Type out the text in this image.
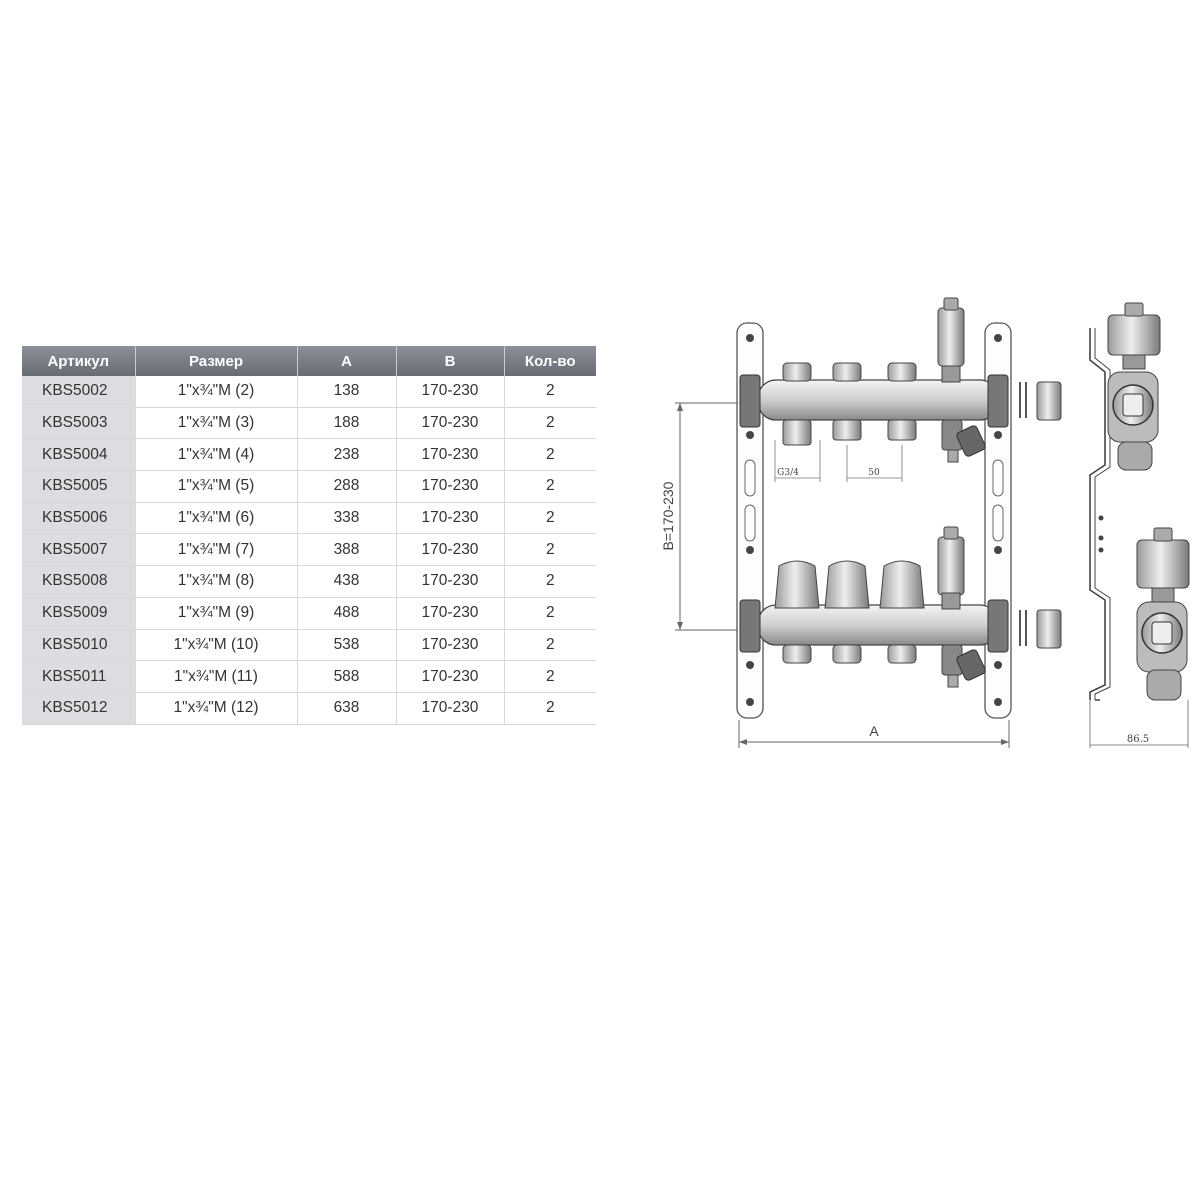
Артикул	Размер	A	B	Кол-во
KBS5002	1"x¾"M (2)	138	170-230	2
KBS5003	1"x¾"M (3)	188	170-230	2
KBS5004	1"x¾"M (4)	238	170-230	2
KBS5005	1"x¾"M (5)	288	170-230	2
KBS5006	1"x¾"M (6)	338	170-230	2
KBS5007	1"x¾"M (7)	388	170-230	2
KBS5008	1"x¾"M (8)	438	170-230	2
KBS5009	1"x¾"M (9)	488	170-230	2
KBS5010	1"x¾"M (10)	538	170-230	2
KBS5011	1"x¾"M (11)	588	170-230	2
KBS5012	1"x¾"M (12)	638	170-230	2
B=170-230
A
G3/4	50
86.5
